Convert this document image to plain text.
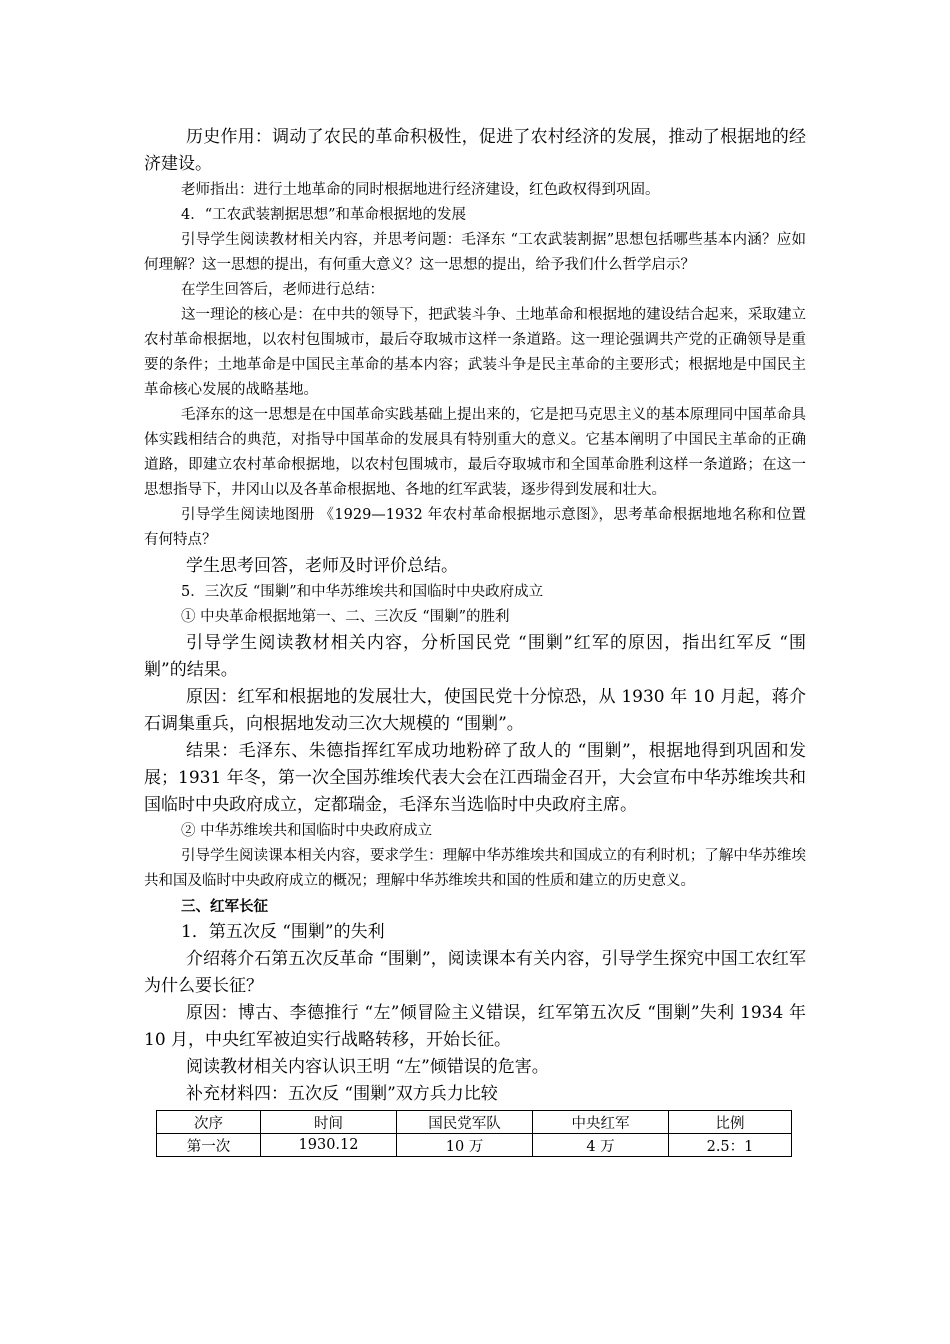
历史作用：调动了农民的革命积极性，促进了农村经济的发展，推动了根据地的经济建设。

老师指出：进行土地革命的同时根据地进行经济建设，红色政权得到巩固。

4．“工农武装割据思想”和革命根据地的发展

引导学生阅读教材相关内容，并思考问题：毛泽东 “工农武装割据”思想包括哪些基本内涵？应如何理解？这一思想的提出，有何重大意义？这一思想的提出，给予我们什么哲学启示？

在学生回答后，老师进行总结：

这一理论的核心是：在中共的领导下，把武装斗争、土地革命和根据地的建设结合起来，采取建立农村革命根据地，以农村包围城市，最后夺取城市这样一条道路。这一理论强调共产党的正确领导是重要的条件；土地革命是中国民主革命的基本内容；武装斗争是民主革命的主要形式；根据地是中国民主革命核心发展的战略基地。

毛泽东的这一思想是在中国革命实践基础上提出来的，它是把马克思主义的基本原理同中国革命具体实践相结合的典范，对指导中国革命的发展具有特别重大的意义。它基本阐明了中国民主革命的正确道路，即建立农村革命根据地，以农村包围城市，最后夺取城市和全国革命胜利这样一条道路；在这一思想指导下，井冈山以及各革命根据地、各地的红军武装，逐步得到发展和壮大。

引导学生阅读地图册 《1929—1932 年农村革命根据地示意图》，思考革命根据地地名称和位置有何特点？

学生思考回答，老师及时评价总结。

5．三次反 “围剿”和中华苏维埃共和国临时中央政府成立

① 中央革命根据地第一、二、三次反 “围剿”的胜利

引导学生阅读教材相关内容，分析国民党 “围剿”红军的原因，指出红军反 “围剿”的结果。

原因：红军和根据地的发展壮大，使国民党十分惊恐，从 1930 年 10 月起，蒋介石调集重兵，向根据地发动三次大规模的 “围剿”。

结果：毛泽东、朱德指挥红军成功地粉碎了敌人的 “围剿”，根据地得到巩固和发展；1931 年冬，第一次全国苏维埃代表大会在江西瑞金召开，大会宣布中华苏维埃共和国临时中央政府成立，定都瑞金，毛泽东当选临时中央政府主席。

② 中华苏维埃共和国临时中央政府成立

引导学生阅读课本相关内容，要求学生：理解中华苏维埃共和国成立的有利时机；了解中华苏维埃共和国及临时中央政府成立的概况；理解中华苏维埃共和国的性质和建立的历史意义。

三、红军长征

1．第五次反 “围剿”的失利

介绍蒋介石第五次反革命 “围剿”，阅读课本有关内容，引导学生探究中国工农红军为什么要长征？

原因：博古、李德推行 “左”倾冒险主义错误，红军第五次反 “围剿”失利 1934 年 10 月，中央红军被迫实行战略转移，开始长征。

阅读教材相关内容认识王明 “左”倾错误的危害。

补充材料四：五次反 “围剿”双方兵力比较

次序	时间	国民党军队	中央红军	比例
第一次	1930.12	10 万	4 万	2.5：1
